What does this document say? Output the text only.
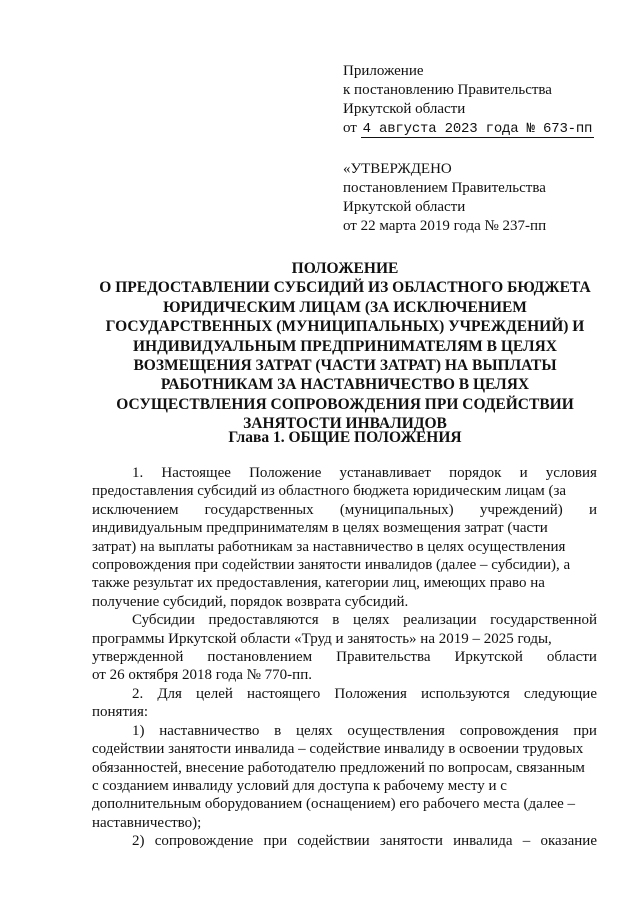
Приложение
к постановлению Правительства
Иркутской области
от 4 августа 2023 года № 673-пп
«УТВЕРЖДЕНО
постановлением Правительства
Иркутской области
от 22 марта 2019 года № 237-пп
ПОЛОЖЕНИЕ
О ПРЕДОСТАВЛЕНИИ СУБСИДИЙ ИЗ ОБЛАСТНОГО БЮДЖЕТА
ЮРИДИЧЕСКИМ ЛИЦАМ (ЗА ИСКЛЮЧЕНИЕМ
ГОСУДАРСТВЕННЫХ (МУНИЦИПАЛЬНЫХ) УЧРЕЖДЕНИЙ) И
ИНДИВИДУАЛЬНЫМ ПРЕДПРИНИМАТЕЛЯМ В ЦЕЛЯХ
ВОЗМЕЩЕНИЯ ЗАТРАТ (ЧАСТИ ЗАТРАТ) НА ВЫПЛАТЫ
РАБОТНИКАМ ЗА НАСТАВНИЧЕСТВО В ЦЕЛЯХ
ОСУЩЕСТВЛЕНИЯ СОПРОВОЖДЕНИЯ ПРИ СОДЕЙСТВИИ
ЗАНЯТОСТИ ИНВАЛИДОВ
Глава 1. ОБЩИЕ ПОЛОЖЕНИЯ
1. Настоящее Положение устанавливает порядок и условия
предоставления субсидий из областного бюджета юридическим лицам (за
исключением государственных (муниципальных) учреждений) и
индивидуальным предпринимателям в целях возмещения затрат (части
затрат) на выплаты работникам за наставничество в целях осуществления
сопровождения при содействии занятости инвалидов (далее – субсидии), а
также результат их предоставления, категории лиц, имеющих право на
получение субсидий, порядок возврата субсидий.
Субсидии предоставляются в целях реализации государственной
программы Иркутской области «Труд и занятость» на 2019 – 2025 годы,
утвержденной постановлением Правительства Иркутской области
от 26 октября 2018 года № 770-пп.
2. Для целей настоящего Положения используются следующие
понятия:
1) наставничество в целях осуществления сопровождения при
содействии занятости инвалида – содействие инвалиду в освоении трудовых
обязанностей, внесение работодателю предложений по вопросам, связанным
с созданием инвалиду условий для доступа к рабочему месту и с
дополнительным оборудованием (оснащением) его рабочего места (далее –
наставничество);
2) сопровождение при содействии занятости инвалида – оказание
